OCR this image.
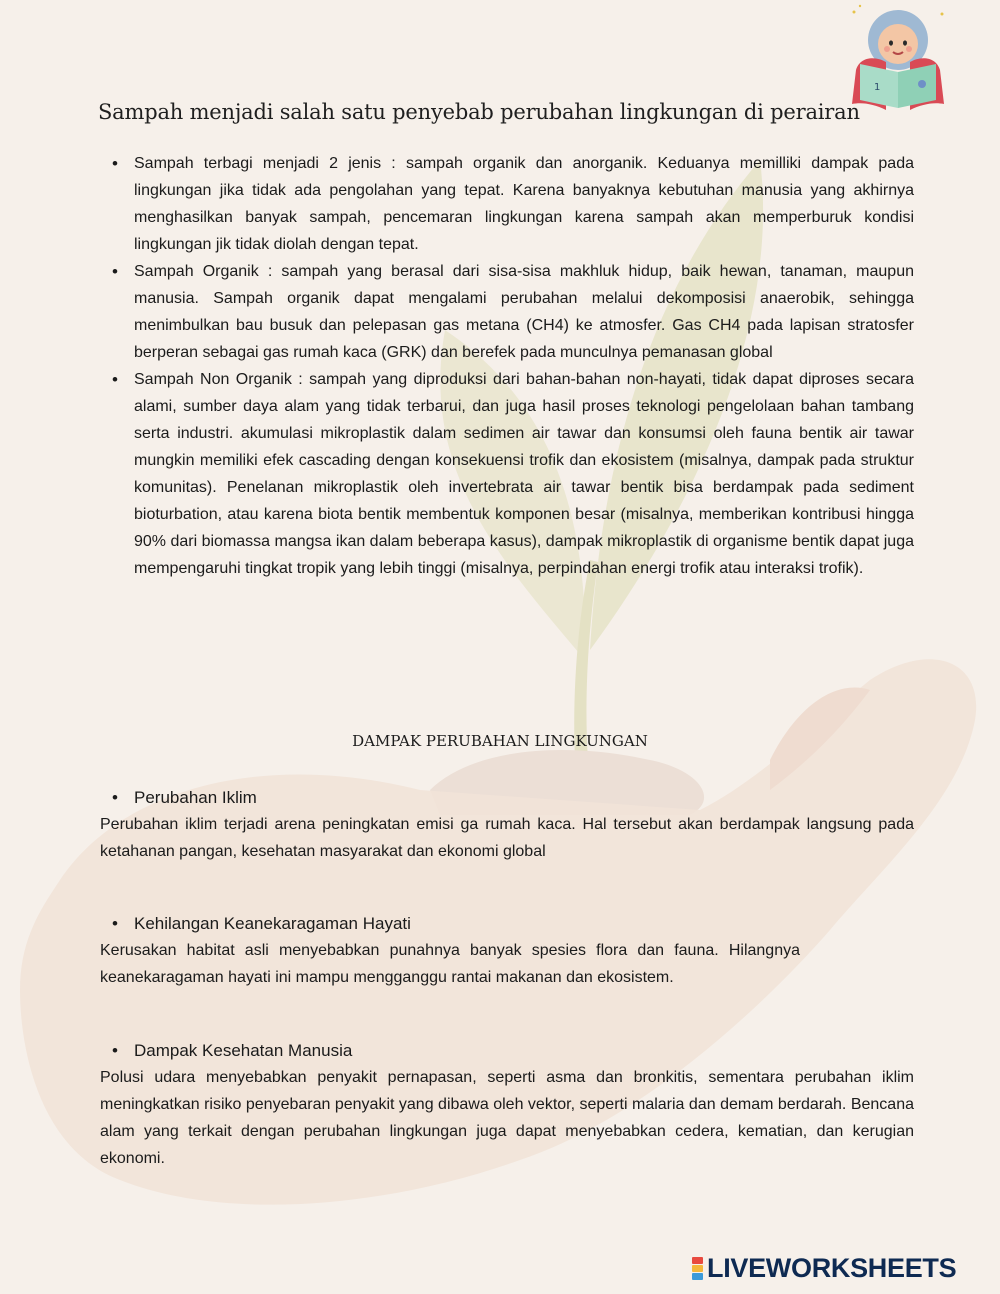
1
Sampah menjadi salah satu penyebab perubahan lingkungan di perairan
• Sampah terbagi menjadi 2 jenis : sampah organik dan anorganik. Keduanya memilliki dampak pada lingkungan jika tidak ada pengolahan yang tepat. Karena banyaknya kebutuhan manusia yang akhirnya menghasilkan banyak sampah, pencemaran lingkungan karena sampah akan memperburuk kondisi lingkungan jik tidak diolah dengan tepat.
• Sampah Organik : sampah yang berasal dari sisa-sisa makhluk hidup, baik hewan, tanaman, maupun manusia. Sampah organik dapat mengalami perubahan melalui dekomposisi anaerobik, sehingga menimbulkan bau busuk dan pelepasan gas metana (CH4) ke atmosfer. Gas CH4 pada lapisan stratosfer berperan sebagai gas rumah kaca (GRK) dan berefek pada munculnya pemanasan global
• Sampah Non Organik : sampah yang diproduksi dari bahan-bahan non-hayati, tidak dapat diproses secara alami, sumber daya alam yang tidak terbarui, dan juga hasil proses teknologi pengelolaan bahan tambang serta industri. akumulasi mikroplastik dalam sedimen air tawar dan konsumsi oleh fauna bentik air tawar mungkin memiliki efek cascading dengan konsekuensi trofik dan ekosistem (misalnya, dampak pada struktur komunitas). Penelanan mikroplastik oleh invertebrata air tawar bentik bisa berdampak pada sediment bioturbation, atau karena biota bentik membentuk komponen besar (misalnya, memberikan kontribusi hingga 90% dari biomassa mangsa ikan dalam beberapa kasus), dampak mikroplastik di organisme bentik dapat juga mempengaruhi tingkat tropik yang lebih tinggi (misalnya, perpindahan energi trofik atau interaksi trofik).
DAMPAK PERUBAHAN LINGKUNGAN
• Perubahan Iklim

Perubahan iklim terjadi arena peningkatan emisi ga rumah kaca. Hal tersebut akan berdampak langsung pada ketahanan pangan, kesehatan masyarakat dan ekonomi global

• Kehilangan Keanekaragaman Hayati

Kerusakan habitat asli menyebabkan punahnya banyak spesies flora dan fauna. Hilangnya keanekaragaman hayati ini mampu mengganggu rantai makanan dan ekosistem.

• Dampak Kesehatan Manusia

Polusi udara menyebabkan penyakit pernapasan, seperti asma dan bronkitis, sementara perubahan iklim meningkatkan risiko penyebaran penyakit yang dibawa oleh vektor, seperti malaria dan demam berdarah. Bencana alam yang terkait dengan perubahan lingkungan juga dapat menyebabkan cedera, kematian, dan kerugian ekonomi.

LIVEWORKSHEETS
